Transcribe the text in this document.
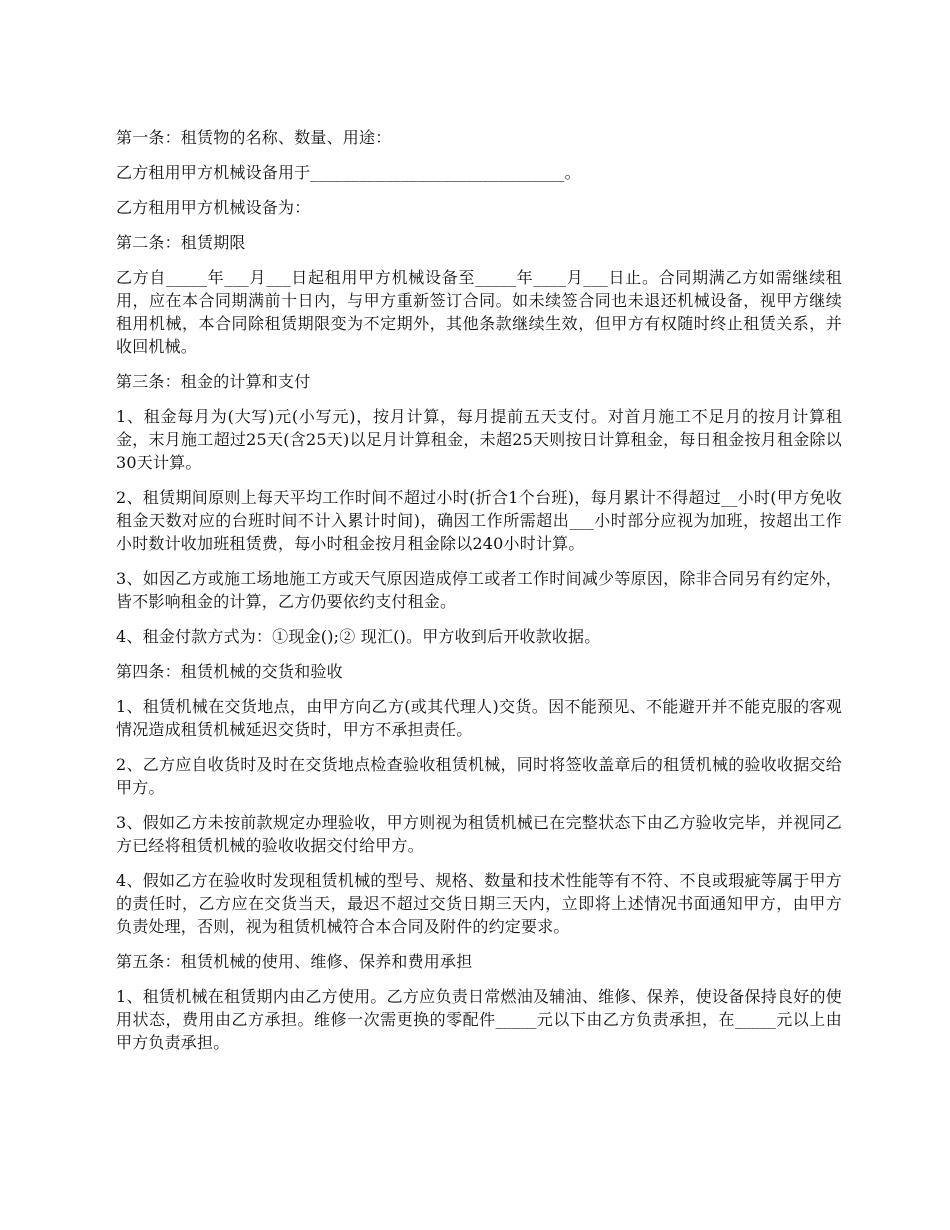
第一条：租赁物的名称、数量、用途：

乙方租用甲方机械设备用于_______________________________。

乙方租用甲方机械设备为：

第二条：租赁期限

乙方自_____年___月___日起租用甲方机械设备至_____年____月___日止。合同期满乙方如需继续租用，应在本合同期满前十日内，与甲方重新签订合同。如未续签合同也未退还机械设备，视甲方继续租用机械，本合同除租赁期限变为不定期外，其他条款继续生效，但甲方有权随时终止租赁关系，并收回机械。

第三条：租金的计算和支付

1、租金每月为(大写)元(小写元)，按月计算，每月提前五天支付。对首月施工不足月的按月计算租金，末月施工超过25天(含25天)以足月计算租金，未超25天则按日计算租金，每日租金按月租金除以30天计算。

2、租赁期间原则上每天平均工作时间不超过小时(折合1个台班)，每月累计不得超过__小时(甲方免收租金天数对应的台班时间不计入累计时间)，确因工作所需超出___小时部分应视为加班，按超出工作小时数计收加班租赁费，每小时租金按月租金除以240小时计算。

3、如因乙方或施工场地施工方或天气原因造成停工或者工作时间减少等原因，除非合同另有约定外，皆不影响租金的计算，乙方仍要依约支付租金。

4、租金付款方式为：①现金();② 现汇()。甲方收到后开收款收据。

第四条：租赁机械的交货和验收

1、租赁机械在交货地点，由甲方向乙方(或其代理人)交货。因不能预见、不能避开并不能克服的客观情况造成租赁机械延迟交货时，甲方不承担责任。

2、乙方应自收货时及时在交货地点检查验收租赁机械，同时将签收盖章后的租赁机械的验收收据交给甲方。

3、假如乙方未按前款规定办理验收，甲方则视为租赁机械已在完整状态下由乙方验收完毕，并视同乙方已经将租赁机械的验收收据交付给甲方。

4、假如乙方在验收时发现租赁机械的型号、规格、数量和技术性能等有不符、不良或瑕疵等属于甲方的责任时，乙方应在交货当天，最迟不超过交货日期三天内，立即将上述情况书面通知甲方，由甲方负责处理，否则，视为租赁机械符合本合同及附件的约定要求。

第五条：租赁机械的使用、维修、保养和费用承担

1、租赁机械在租赁期内由乙方使用。乙方应负责日常燃油及辅油、维修、保养，使设备保持良好的使用状态，费用由乙方承担。维修一次需更换的零配件_____元以下由乙方负责承担，在_____元以上由甲方负责承担。
